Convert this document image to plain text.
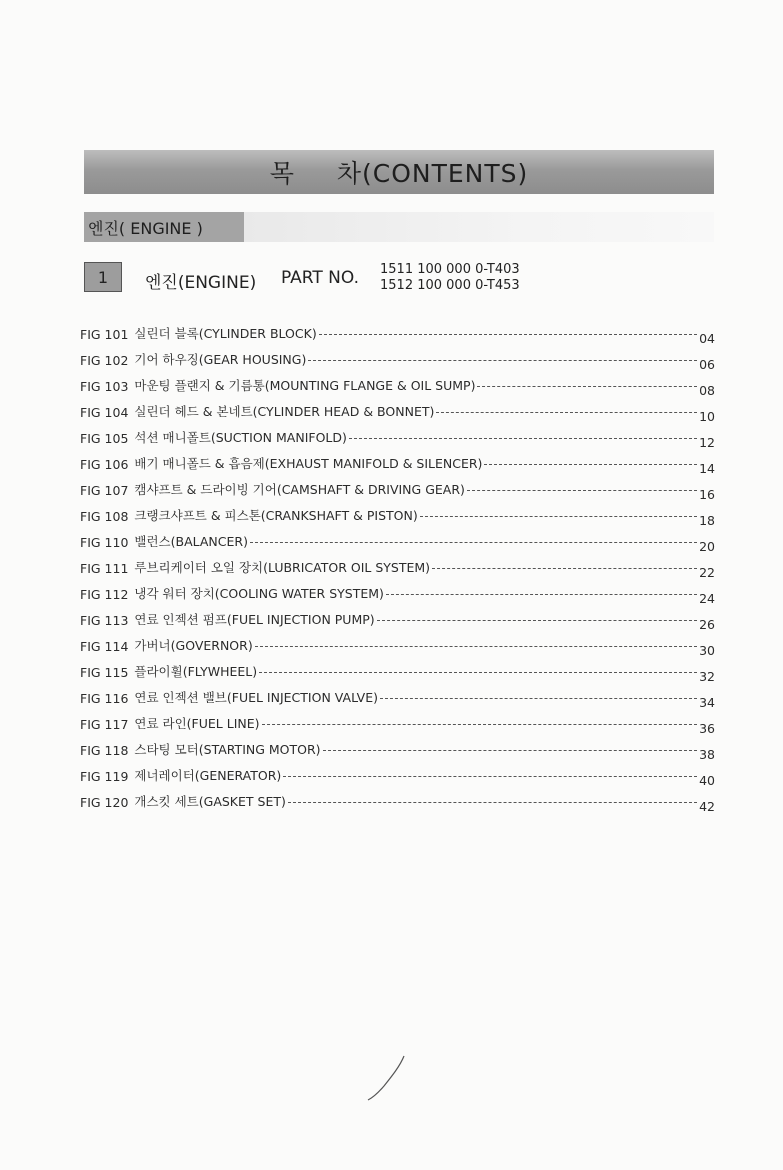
목 차(CONTENTS)
엔진( ENGINE )
1 엔진(ENGINE) PART NO. 1511 100 000 0-T403
1512 100 000 0-T453
FIG 101 실린더 블록(CYLINDER BLOCK)	04
FIG 102 기어 하우징(GEAR HOUSING)	06
FIG 103 마운팅 플랜지 & 기름통(MOUNTING FLANGE & OIL SUMP)	08
FIG 104 실린더 헤드 & 본네트(CYLINDER HEAD & BONNET)	10
FIG 105 석션 매니폴트(SUCTION MANIFOLD)	12
FIG 106 배기 매니폴드 & 흡음제(EXHAUST MANIFOLD & SILENCER)	14
FIG 107 캠샤프트 & 드라이빙 기어(CAMSHAFT & DRIVING GEAR)	16
FIG 108 크랭크샤프트 & 피스톤(CRANKSHAFT & PISTON)	18
FIG 110 밸런스(BALANCER)	20
FIG 111 루브리케이터 오일 장치(LUBRICATOR OIL SYSTEM)	22
FIG 112 냉각 워터 장치(COOLING WATER SYSTEM)	24
FIG 113 연료 인젝션 펌프(FUEL INJECTION PUMP)	26
FIG 114 가버너(GOVERNOR)	30
FIG 115 플라이휠(FLYWHEEL)	32
FIG 116 연료 인젝션 밸브(FUEL INJECTION VALVE)	34
FIG 117 연료 라인(FUEL LINE)	36
FIG 118 스타팅 모터(STARTING MOTOR)	38
FIG 119 제너레이터(GENERATOR)	40
FIG 120 개스킷 세트(GASKET SET)	42
